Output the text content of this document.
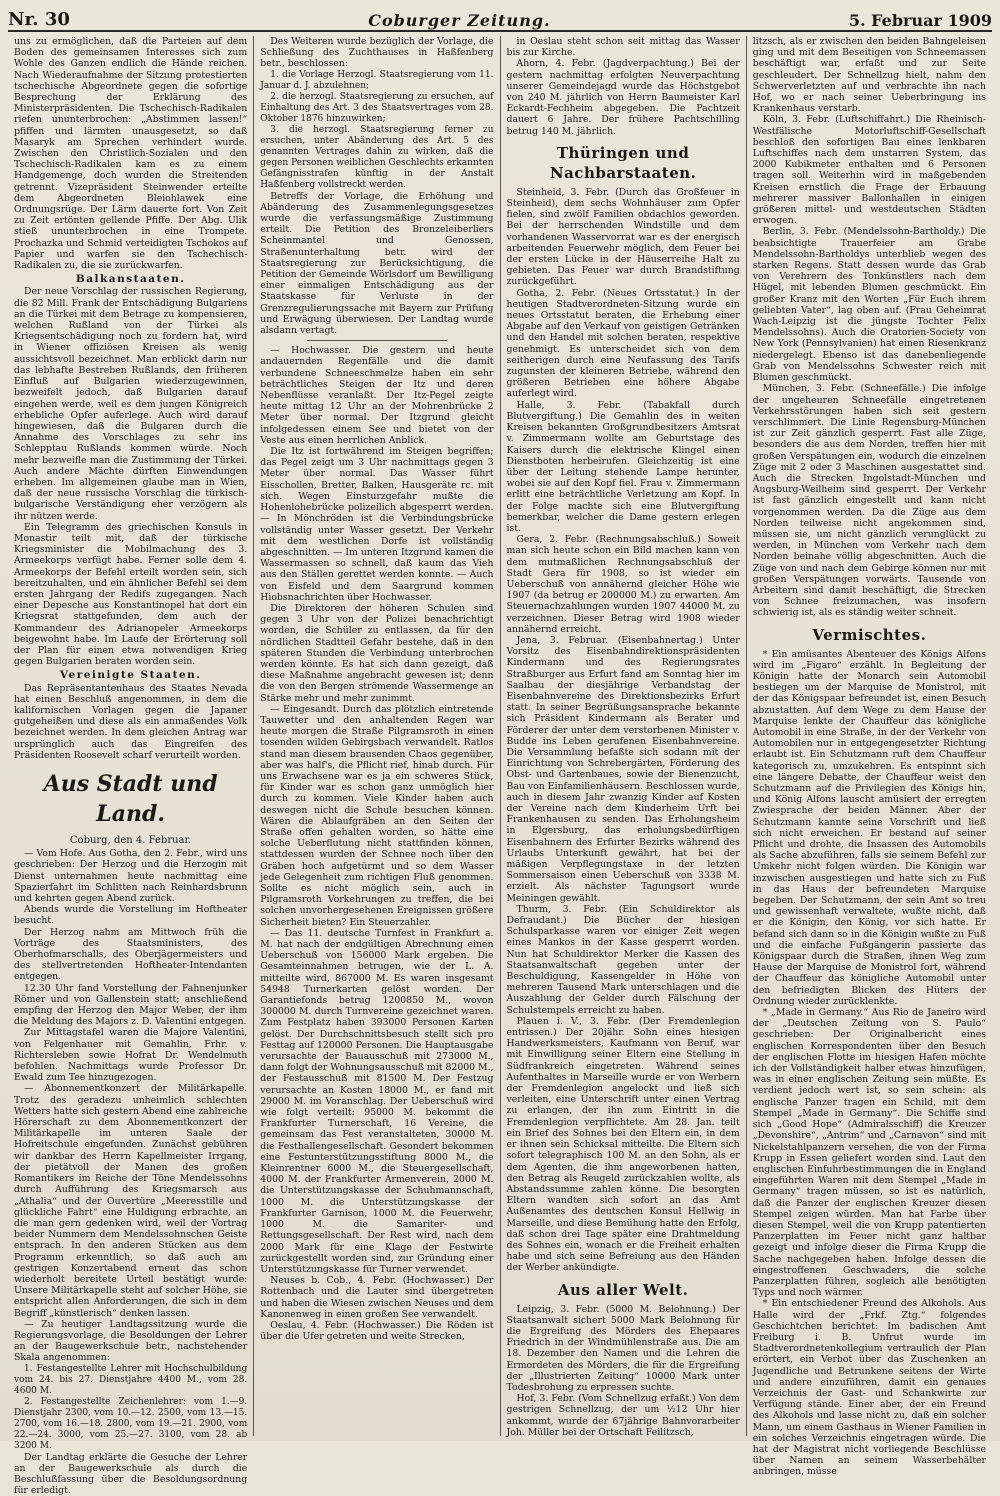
Nr. 30	Coburger Zeitung.	5. Februar 1909

uns zu ermöglichen, daß die Parteien auf dem Boden des gemeinsamen Interesses sich zum Wohle des Ganzen endlich die Hände reichen. Nach Wiederaufnahme der Sitzung protestierten tschechische Abgeordnete gegen die sofortige Besprechung der Erklärung des Ministerpräsidenten. Die Tschechisch-Radikalen riefen ununterbrochen: „Abstimmen lassen!“ pfiffen und lärmten unausgesetzt, so daß Masaryk am Sprechen verhindert wurde. Zwischen den Christlich-Sozialen und den Tschechisch-Radikalen kam es zu einem Handgemenge, doch wurden die Streitenden getrennt. Vizepräsident Steinwender erteilte dem Abgeordneten Bleiohlawek eine Ordnungsrüge. Der Lärm dauerte fort. Von Zeit zu Zeit ertönten gellende Pfiffe. Der Abg. Ulik stieß ununterbrochen in eine Trompete. Prochazka und Schmid verteidigten Tschokos auf Papier und warfen sie den Tschechisch-Radikalen zu, die sie zurückwarfen.

Balkanstaaten.

Der neue Vorschlag der russischen Regierung, die 82 Mill. Frank der Entschädigung Bulgariens an die Türkei mit dem Betrage zu kompensieren, welchen Rußland von der Türkei als Kriegsentschädigung noch zu fordern hat, wird in Wiener offiziösen Kreisen als wenig aussichtsvoll bezeichnet. Man erblickt darin nur das lebhafte Bestreben Rußlands, den früheren Einfluß auf Bulgarien wiederzugewinnen, bezweifelt jedoch, daß Bulgarien darauf eingehen werde, weil es dem jungen Königreich erhebliche Opfer auferlege. Auch wird darauf hingewiesen, daß die Bulgaren durch die Annahme des Vorschlages zu sehr ins Schlepptau Rußlands kommen würde. Noch mehr bezweifle man die Zustimmung der Türkei. Auch andere Mächte dürften Einwendungen erheben. Im allgemeinen glaube man in Wien, daß der neue russische Vorschlag die türkisch-bulgarische Verständigung eher verzögern als ihr nützen werde.

Ein Telegramm des griechischen Konsuls in Monastir teilt mit, daß der türkische Kriegsminister die Mobilmachung des 3. Armeekorps verfügt habe. Ferner solle dem 4. Armeekorps der Befehl erteilt worden sein, sich bereitzuhalten, und ein ähnlicher Befehl sei dem ersten Jahrgang der Redifs zugegangen. Nach einer Depesche aus Konstantinopel hat dort ein Kriegsrat stattgefunden, dem auch der Kommandeur des Adrianopeler Armeekorps beigewohnt habe. Im Laufe der Erörterung soll der Plan für einen etwa notwendigen Krieg gegen Bulgarien beraten worden sein.

Vereinigte Staaten.

Das Repräsentantenhaus des Staates Nevada hat einen Beschluß angenommen, in dem die kalifornischen Vorlagen gegen die Japaner gutgeheißen und diese als ein anmaßendes Volk bezeichnet werden. In dem gleichen Antrag war ursprünglich auch das Eingreifen des Präsidenten Roosevelt scharf verurteilt worden.

Aus Stadt und Land.
Coburg, den 4. Februar.

— Vom Hofe. Aus Gotha, den 2. Febr., wird uns geschrieben: Der Herzog und die Herzogin mit Dienst unternahmen heute nachmittag eine Spazierfahrt im Schlitten nach Reinhardsbrunn und kehrten gegen Abend zurück.

Abends wurde die Vorstellung im Hoftheater besucht.

Der Herzog nahm am Mittwoch früh die Vorträge des Staatsministers, des Oberhofmarschalls, des Oberjägermeisters und des stellvertretenden Hoftheater-Intendanten entgegen.

12.30 Uhr fand Vorstellung der Fahnenjunker Römer und von Gallenstein statt; anschließend empfing der Herzog den Major Weber, der ihm die Meldung des Majors z. D. Valentini entgegen.

Zur Mittagstafel waren die Majore Valentini, von Felgenhauer mit Gemahlin, Frhr. v. Richtersleben sowie Hofrat Dr. Wendelmuth befohlen. Nachmittags wurde Professor Dr. Ewald zum Tee hinzugezogen.

— Abonnementkonzert der Militärkapelle. Trotz des geradezu unheimlich schlechten Wetters hatte sich gestern Abend eine zahlreiche Hörerschaft zu dem Abonnementkonzert der Militärkapelle im unteren Saale der Hofreitschule eingefunden. Zunächst gebühren wir dankbar des Herrn Kapellmeister Irrgang, der pietätvoll der Manen des großen Romantikers im Reiche der Töne Mendelssohns durch Aufführung des Kriegsmarsch aus „Athalia“ und der Ouvertüre „Meeresstille und glückliche Fahrt“ eine Huldigung erbrachte, an die man gern gedenken wird, weil der Vortrag beider Nummern dem Mendelssohnschen Geiste entsprach. In den anderen Stücken aus dem Programm erkenntlich, so daß auch am gestrigen Konzertabend erneut das schon wiederholt bereitete Urteil bestätigt wurde: Unsere Militärkapelle steht auf solcher Höhe, sie entspricht allen Anforderungen, die sich in dem Begriff „künstlerisch“ denken lassen.

— Zu heutiger Landtagssitzung wurde die Regierungsvorlage, die Besoldungen der Lehrer an der Baugewerkschule betr., nachstehender Skala angenommen:

1. Festangestellte Lehrer mit Hochschulbildung vom 24. bis 27. Dienstjahre 4400 M., vom 28. 4600 M.

2. Festangestellte Zeichenlehrer: vom 1.—9. Dienstjahr 2300, vom 10.—12. 2500, vom 13.—15. 2700, vom 16.—18. 2800, vom 19.—21. 2900, vom 22.—24. 3000, vom 25.—27. 3100, vom 28. ab 3200 M.

Der Landtag erklärte die Gesuche der Lehrer an der Baugewerkschule als durch die Beschlußfassung über die Besoldungsordnung für erledigt.

Des Weiteren wurde bezüglich der Vorlage, die Schließung des Zuchthauses in Haßfenberg betr., beschlossen:

1. die Vorlage Herzogl. Staatsregierung vom 11. Januar d. J. abzulehnen;

2. die herzogl. Staatsregierung zu ersuchen, auf Einhaltung des Art. 3 des Staatsvertrages vom 28. Oktober 1876 hinzuwirken;

3. die herzogl. Staatsregierung ferner zu ersuchen, unter Abänderung des Art. 5 des genannten Vertrages dahin zu wirken, daß die gegen Personen weiblichen Geschlechts erkannten Gefängnisstrafen künftig in der Anstalt Haßfenberg vollstreckt werden.

Betreffs der Vorlage, die Erhöhung und Abänderung des Zusammenlegungsgesetzes wurde die verfassungsmäßige Zustimmung erteilt. Die Petition des Bronzeleiberliers Scheinmantel und Genossen, Straßenunterhaltung betr. wird der Staatsregierung zur Berücksichtigung, die Petition der Gemeinde Wörlsdorf um Bewilligung einer einmaligen Entschädigung aus der Staatskasse für Verluste in der Grenzregulierungssache mit Bayern zur Prüfung und Erwägung überwiesen. Der Landtag wurde alsdann vertagt.

— Hochwasser. Die gestern und heute andauernden Regenfälle und die damit verbundene Schneeschmelze haben ein sehr beträchtliches Steigen der Itz und deren Nebenflüsse veranlaßt. Der Itz-Pegel zeigte heute mittag 12 Uhr an der Mohrenbrücke 2 Meter über normal. Der Itzgrund gleicht infolgedessen einem See und bietet von der Veste aus einen herrlichen Anblick.

Die Itz ist fortwährend im Steigen begriffen; das Pegel zeigt um 3 Uhr nachmittags gegen 3 Meter über normal. Das Wasser führt Eisschollen, Bretter, Balken, Hausgeräte rc. mit sich. Wegen Einsturzgefahr mußte die Hohenlohebrücke polizeilich abgesperrt werden. — In Mönchröden ist die Verbindungsbrücke vollständig unter Wasser gesetzt. Der Verkehr mit dem westlichen Dorfe ist vollständig abgeschnitten. — Im unteren Itzgrund kamen die Wassermassen so schnell, daß kaum das Vieh aus den Ställen gerettet werden konnte. — Auch von Eisfeld und dem Saargrund kommen Hiobsnachrichten über Hochwasser.

Die Direktoren der höheren Schulen sind gegen 3 Uhr von der Polizei benachrichtigt worden, die Schüler zu entlassen, da für den nördlichen Stadtteil Gefahr bestehe, daß in den späteren Stunden die Verbindung unterbrochen werden könnte. Es hat sich dann gezeigt, daß diese Maßnahme angebracht gewesen ist; denn die von den Bergen strömende Wassermenge an Stärke mehr und mehr zunimmt.

— Eingesandt. Durch das plötzlich eintretende Tauwetter und den anhaltenden Regen war heute morgen die Straße Pilgramsroth in einen tosenden wilden Gebirgsbach verwandelt. Ratlos stand man diesem brausenden Chaos gegenüber, aber was half's, die Pflicht rief, hinab durch. Für uns Erwachsene war es ja ein schweres Stück, für Kinder war es schon ganz unmöglich hier durch zu kommen. Viele Kinder haben auch deswegen nicht die Schule besuchen können. Wären die Ablaufgräben an den Seiten der Straße offen gehalten worden, so hätte eine solche Ueberflutung nicht stattfinden können, stattdessen wurden der Schnee noch über den Gräben hoch aufgetürmt und so dem Wasser jede Gelegenheit zum richtigen Fluß genommen. Sollte es nicht möglich sein, auch in Pilgramsroth Vorkehrungen zu treffen, die bei solchen unvorhergesehenen Ereignissen größere Sicherheit bieten? Ein Steuerzahler.

— Das 11. deutsche Turnfest in Frankfurt a. M. hat nach der endgültigen Abrechnung einen Ueberschuß von 156000 Mark ergeben. Die Gesamteinnahmen betrugen, wie der L. A. mitteilte wird, 867000 M. Es waren insgesamt 54948 Turnerkarten gelöst worden. Der Garantiefonds betrug 1200850 M., wovon 300000 M. durch Turnvereine gezeichnet waren. Zum Festplatz haben 393000 Personen Karten gelöst. Der Durchschnittsbesuch stellt sich pro Festtag auf 120000 Personen. Die Hauptausgabe verursachte der Bauausschuß mit 273000 M., dann folgt der Wohnungsausschuß mit 82000 M., der Festausschuß mit 81500 M. Der Festzug verursachte an Kosten 18000 M., er fand mit 29000 M. im Voranschlag. Der Ueberschuß wird wie folgt verteilt: 95000 M. bekommt die Frankfurter Turnerschaft, 16 Vereine, die gemeinsam das Fest veranstalteten, 30000 M. die Festhallengesellschaft. Gesondert bekommen eine Festunterstützungsstiftung 8000 M., die Kleinrentner 6000 M., die Steuergesellschaft, 4000 M. der Frankfurter Armenverein, 2000 M. die Unterstützungskasse der Schuhmannschaft, 1000 M. die Unterstützungskasse der Frankfurter Garnison, 1000 M. die Feuerwehr, 1000 M. die Samariter- und Rettungsgesellschaft. Der Rest wird, nach dem 2000 Mark für eine Klage der Festwirte zurückgestellt worden sind, zur Gründung einer Unterstützungskasse für Turner verwendet.

Neuses b. Cob., 4. Febr. (Hochwasser.) Der Rottenbach und die Lauter sind übergetreten und haben die Wiesen zwischen Neuses und dem Kanonenweg in einen großen See verwandelt.

Oeslau, 4. Febr. (Hochwasser.) Die Röden ist über die Ufer getreten und weite Strecken,

in Oeslau steht schon seit mittag das Wasser bis zur Kirche.

Ahorn, 4. Febr. (Jagdverpachtung.) Bei der gestern nachmittag erfolgten Neuverpachtung unserer Gemeindejagd wurde das Höchstgebot von 240 M. jährlich von Herrn Baumeister Karl Eckardt-Fechheim abgegeben. Die Pachtzeit dauert 6 Jahre. Der frühere Pachtschilling betrug 140 M. jährlich.

Thüringen und Nachbarstaaten.

Steinheid, 3. Febr. (Durch das Großfeuer in Steinheid), dem sechs Wohnhäuser zum Opfer fielen, sind zwölf Familien obdachlos geworden. Bei der herrschenden Windstille und dem vorhandenen Wasservorrat war es der energisch arbeitenden Feuerwehr möglich, dem Feuer bei der ersten Lücke in der Häuserreihe Halt zu gebieten. Das Feuer war durch Brandstiftung zurückgeführt.

Gotha, 2. Febr. (Neues Ortsstatut.) In der heutigen Stadtverordneten-Sitzung wurde ein neues Ortsstatut beraten, die Erhebung einer Abgabe auf den Verkauf von geistigen Getränken und den Handel mit solchen beraten, respektive genehmigt. Es unterscheidet sich von dem seitherigen durch eine Neufassung des Tarifs zugunsten der kleineren Betriebe, während den größeren Betrieben eine höhere Abgabe auferlegt wird.

Halle, 3. Febr. (Tabakfall durch Blutvergiftung.) Die Gemahlin des in weiten Kreisen bekannten Großgrundbesitzers Amtsrat v. Zimmermann wollte am Geburtstage des Kaisers durch die elektrische Klingel einen Dienstboten herbeirufen. Gleichzeitig ist eine über der Leitung stehende Lampe herunter, wobei sie auf den Kopf fiel. Frau v. Zimmermann erlitt eine beträchtliche Verletzung am Kopf. In der Folge machte sich eine Blutvergiftung bemerkbar, welcher die Dame gestern erlegen ist.

Gera, 2. Febr. (Rechnungsabschluß.) Soweit man sich heute schon ein Bild machen kann von dem mutmaßlichen Rechnungsabschluß der Stadt Gera für 1908, so ist wieder ein Ueberschuß von annähernd gleicher Höhe wie 1907 (da betrug er 200000 M.) zu erwarten. Am Steuernachzahlungen wurden 1907 44000 M. zu verzeichnen. Dieser Betrag wird 1908 wieder annähernd erreicht.

Jena, 3. Februar. (Eisenbahnertag.) Unter Vorsitz des Eisenbahndirektionspräsidenten Kindermann und des Regierungsrates Straßburger aus Erfurt fand am Sonntag hier im Saalbau der diesjährige Verbandstag der Eisenbahnvereine des Direktionsbezirks Erfurt statt. In seiner Begrüßungsansprache bekannte sich Präsident Kindermann als Berater und Förderer der unter dem verstorbenen Minister v. Budde ins Leben gerufenen Eisenbahnvereine. Die Versammlung befaßte sich sodann mit der Einrichtung von Schrebergärten, Förderung des Obst- und Gartenbaues, sowie der Bienenzucht, Bau von Einfamilienhäusern. Beschlossen wurde, auch in diesem Jahr zwanzig Kinder auf Kosten der Vereine nach dem Kinderheim Urft bei Frankenhausen zu senden. Das Erholungsheim in Elgersburg, das erholungsbedürftigen Eisenbahnern des Erfurter Bezirks während des Urlaubs Unterkunft gewährt, hat bei der mäßigen Verpflegungstaxe in der letzten Sommersaison einen Ueberschuß von 3338 M. erzielt. Als nächster Tagungsort wurde Meiningen gewählt.

Thurm, 3. Febr. (Ein Schuldirektor als Defraudant.) Die Bücher der hiesigen Schulsparkasse waren vor einiger Zeit wegen eines Mankos in der Kasse gesperrt worden. Nun hat Schuldirektor Merker die Kassen des Staatsanwaltschaft gegeben unter der Beschuldigung, Kassengelder in Höhe von mehreren Tausend Mark unterschlagen und die Auszahlung der Gelder durch Fälschung der Schulstempels erreicht zu haben.

Plauen i. V., 3. Febr. (Der Fremdenlegion entrissen.) Der 20jähr. Sohn eines hiesigen Handwerksmeisters, Kaufmann von Beruf, war mit Einwilligung seiner Eltern eine Stellung in Südfrankreich eingetreten. Während seines Aufenthaltes in Marseille wurde er von Werbern der Fremdenlegion angelockt und ließ sich verleiten, eine Unterschrift unter einen Vertrag zu erlangen, der ihn zum Eintritt in die Fremdenlegion verpflichtete. Am 28. Jan. teilt ein Brief des Sohnes bei den Eltern ein, in dem er ihnen sein Schicksal mitteilte. Die Eltern sich sofort telegraphisch 100 M. an den Sohn, als er dem Agenten, die ihm angeworbenen hatten, den Betrag als Reugeld zurückzahlen wollte, als Abstandssumme zahlen könne. Die besorgten Eltern wandten sich sofort an das Amt Außenamtes des deutschen Konsul Hellwig in Marseille, und diese Bemühung hatte den Erfolg, daß schon drei Tage später eine Drahtmeldung des Sohnes ein, wonach er die Freiheit erhalten habe und sich seine Befreiung aus den Händen der Werber ankündigte.

Aus aller Welt.

Leipzig, 3. Febr. (5000 M. Belohnung.) Der Staatsanwalt sichert 5000 Mark Belohnung für die Ergreifung des Mörders des Ehepaares Friedrich in der Windmühlenstraße aus. Die am 18. Dezember den Namen und die Lehren die Ermordeten des Mörders, die für die Ergreifung der „Illustrierten Zeitung“ 10000 Mark unter Todesbrohung zu erpressen suchte.

Hof, 3. Febr. (Vom Schnellzug erfaßt.) Von dem gestrigen Schnellzug, der um ½12 Uhr hier ankommt, wurde der 67jährige Bahnvorarbeiter Joh. Müller bei der Ortschaft Feilitzsch,

litzsch, als er zwischen den beiden Bahngeleisen ging und mit dem Beseitigen von Schneemassen beschäftigt war, erfaßt und zur Seite geschleudert. Der Schnellzug hielt, nahm den Schwerverletzten auf und verbrachte ihn nach Hof, wo er nach seiner Ueberbringung ins Krankenhaus verstarb.

Köln, 3. Febr. (Luftschiffahrt.) Die Rheinisch-Westfälische Motorluftschiff-Gesellschaft beschloß den sofortigen Bau eines lenkbaren Luftschiffes nach dem unstarren System, das 2000 Kubikmeter enthalten und 6 Personen tragen soll. Weiterhin wird in maßgebenden Kreisen ernstlich die Frage der Erbauung mehrerer massiver Ballonhallen in einigen größeren mittel- und westdeutschen Städten erwogen.

Berlin, 3. Febr. (Mendelssohn-Bartholdy.) Die beabsichtigte Trauerfeier am Grabe Mendelssohn-Bartholdys unterblieb wegen des starken Regens. Statt dessen wurde das Grab von Verehrern des Tonkünstlers nach dem Hügel, mit lebenden Blumen geschmückt. Ein großer Kranz mit den Worten „Für Euch ihrem geliebten Vater“, lag oben auf. (Frau Geheimrat Wach-Leipzig ist die jüngste Tochter Felix Mendelssohns). Auch die Oratorien-Society von New York (Pennsylvanien) hat einen Riesenkranz niedergelegt. Ebenso ist das danebenliegende Grab von Mendelssohns Schwester reich mit Blumen geschmückt.

München, 3. Febr. (Schneefälle.) Die infolge der ungeheuren Schneefälle eingetretenen Verkehrsstörungen haben sich seit gestern verschlimmert. Die Linie Regensburg-München ist zur Zeit gänzlich gesperrt. Fast alle Züge, besonders die aus dem Norden, treffen hier mit großen Verspätungen ein, wodurch die einzelnen Züge mit 2 oder 3 Maschinen ausgestattet sind. Auch die Strecken Ingolstadt-München und Augsburg-Weilheim sind gesperrt. Der Verkehr ist fast gänzlich eingestellt und kann nicht vorgenommen werden. Da die Züge aus dem Norden teilweise nicht angekommen sind, müssen sie, um nicht gänzlich verunglückt zu werden, in München vom Verkehr nach dem Norden beinahe völlig abgeschnitten. Auch die Züge von und nach dem Gebirge können nur mit großen Verspätungen vorwärts. Tausende von Arbeitern sind damit beschäftigt, die Strecken von Schnee freizumachen, was insofern schwierig ist, als es ständig weiter schneit.

Vermischtes.

* Ein amüsantes Abenteuer des Königs Alfons wird im „Figaro“ erzählt. In Begleitung der Königin hatte der Monarch sein Automobil bestiegen um der Marquise de Monistrol, mit der das Königspaar befreundet ist, einen Besuch abzustatten. Auf dem Wege zu dem Hause der Marquise lenkte der Chauffeur das königliche Automobil in eine Straße, in der der Verkehr von Automobilen nur in entgegengesetzter Richtung erlaubt ist. Ein Schutzmann ruft dem Chauffeur kategorisch zu, umzukehren. Es entspinnt sich eine längere Debatte, der Chauffeur weist den Schutzmann auf die Privilegien des Königs hin, und König Alfons lauscht amüsiert der erregten Zwiesprache der beiden Männer. Aber der Schutzmann kannte seine Vorschrift und ließ sich nicht erweichen. Er bestand auf seiner Pflicht und drohte, die Insassen des Automobils als Sache abzuführen, falls sie seinem Befehl zur Umkehr nicht folgen würden. Die Königin war inzwischen ausgestiegen und hatte sich zu Fuß in das Haus der befreundeten Marquise begeben. Der Schutzmann, der sein Amt so treu und gewissenhaft verwaltete, wußte nicht, daß er die Königin, den König, vor sich hatte. Er befand sich dann so in die Königin wußte zu Fuß und die einfache Fußgängerin passierte das Königspaar durch die Straßen, ihnen Weg zum Hause der Marquise de Monistrol fort, während der Chauffeur das königliche Automobil unter den befriedigten Blicken des Hüters der Ordnung wieder zurücklenkte.

* „Made in Germany.“ Aus Rio de Janeiro wird der „Deutschen Zeitung von S. Paulo“ geschrieben: Der Originalbericht eines englischen Korrespondenten über den Besuch der englischen Flotte im hiesigen Hafen möchte ich der Vollständigkeit halber etwas hinzufügen, was in einer englischen Zeitung sein müßte. Es verdient jedoch wert ist, so sein schein: als englische Panzer tragen ein Schild, mit dem Stempel „Made in Germany“. Die Schiffe sind sich „Good Hope“ (Admiralsschiff) die Kreuzer „Devonshire“, „Antrim“ und „Carnavon“ sind mit Nickelstahlpanzern versehen, die von der Firma Krupp in Essen geliefert worden sind. Laut den englischen Einfuhrbestimmungen die in England eingeführten Waren mit dem Stempel „Made in Germany“ tragen müssen, so ist es natürlich, daß die Panzer der englischen Kreuzer diesen Stempel zeigen würden. Man hat Farbe über diesen Stempel, weil die von Krupp patentierten Panzerplatten im Feuer nicht ganz haltbar gezeigt und infolge dieser die Firma Krupp die Sache nachgegeben haben. Infolge dessen die eingestroffenen Geschwaders, die solche Panzerplatten führen, sogleich alle benötigten Typs und noch wärmer.

* Ein entschiedener Freund des Alkohols. Aus Halle wird der „Frkf. Ztg.“ folgendes Geschichtchen berichtet: Im badischen Amt Freiburg i. B. Unfrut wurde im Stadtverordnetenkollegium vertraulich der Plan erörtert, ein Verbot über das Zuschenken an Jugendliche und Betrunkene seitens der Wirte und andere einzuführen, damit ein genaues Verzeichnis der Gast- und Schankwirte zur Verfügung stände. Einer aber, der ein Freund des Alkohols und lasse nicht zu, daß ein solcher Mann, um einem Gasthaus in Wiener Familien in ein solches Verzeichnis eingetragen würde. Die hat der Magistrat nicht vorliegende Beschlüsse über Namen an seinem Wasserbehälter anbringen, müsse
